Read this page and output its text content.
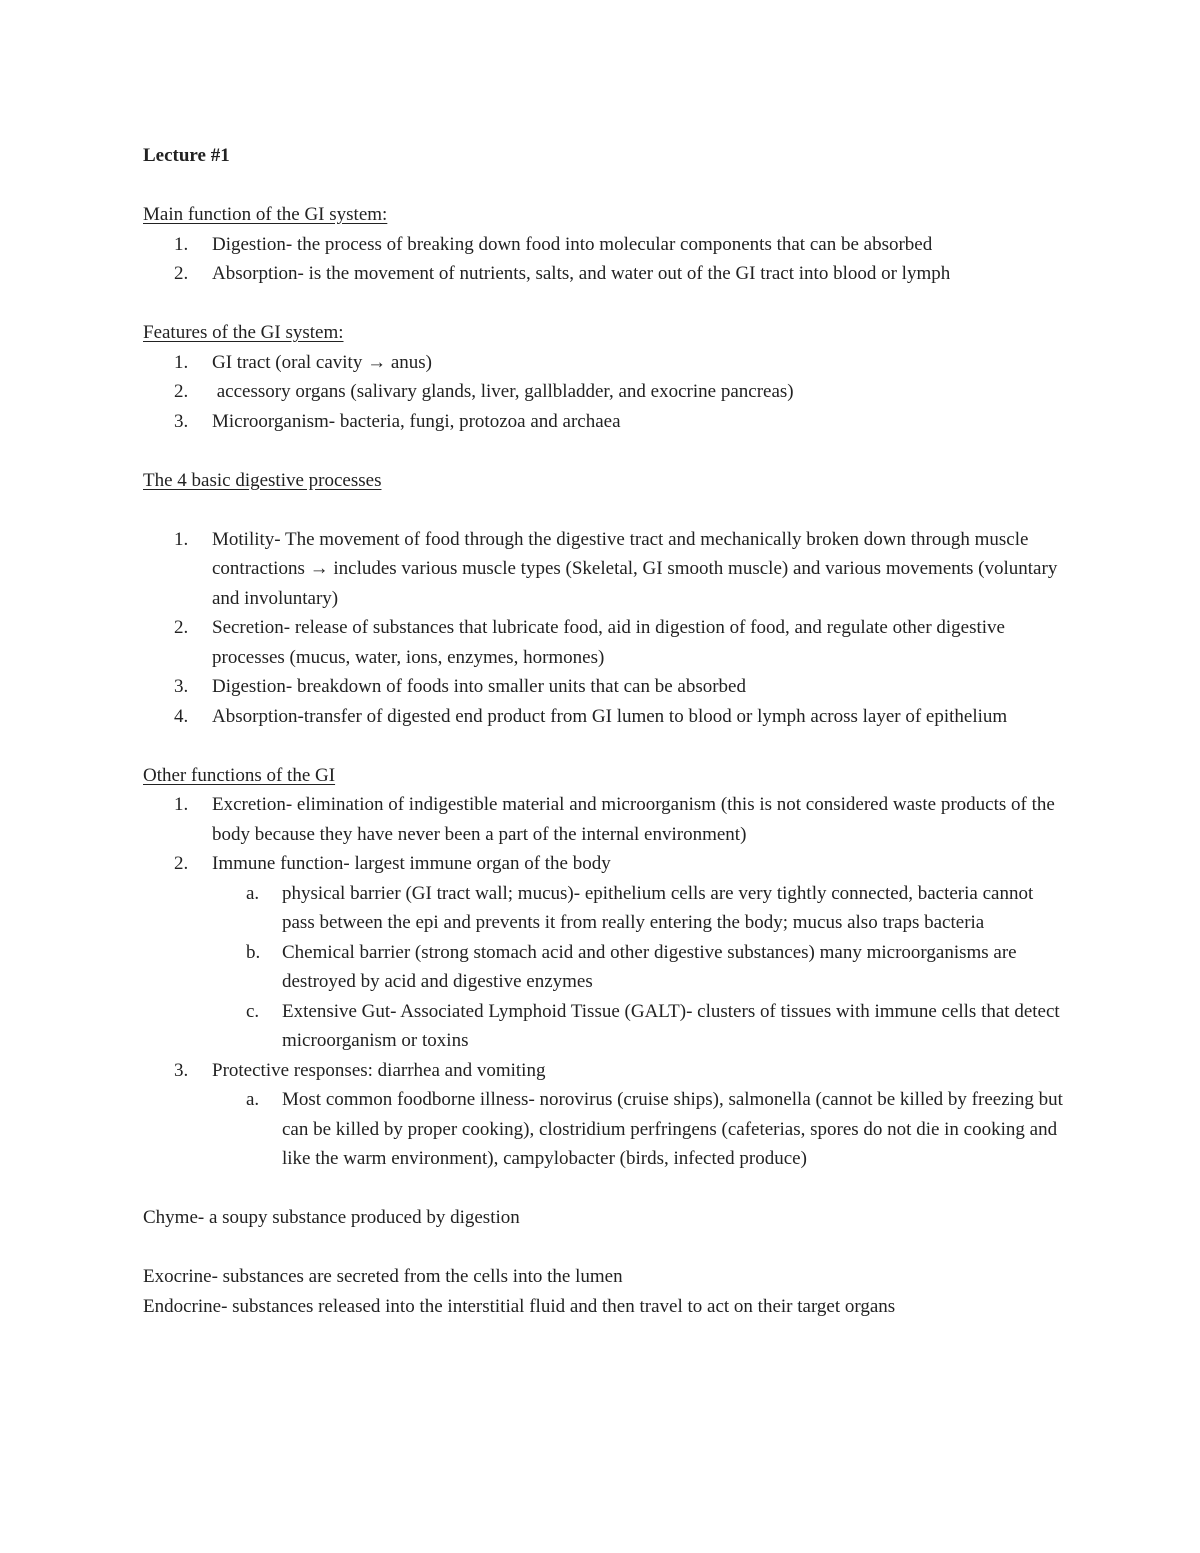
Lecture #1

Main function of the GI system:

1. Digestion- the process of breaking down food into molecular components that can be absorbed
2. Absorption- is the movement of nutrients, salts, and water out of the GI tract into blood or lymph

Features of the GI system:

1. GI tract (oral cavity → anus)
2. accessory organs (salivary glands, liver, gallbladder, and exocrine pancreas)
3. Microorganism- bacteria, fungi, protozoa and archaea

The 4 basic digestive processes

1. Motility- The movement of food through the digestive tract and mechanically broken down through muscle contractions → includes various muscle types (Skeletal, GI smooth muscle) and various movements (voluntary and involuntary)
2. Secretion- release of substances that lubricate food, aid in digestion of food, and regulate other digestive processes (mucus, water, ions, enzymes, hormones)
3. Digestion- breakdown of foods into smaller units that can be absorbed
4. Absorption-transfer of digested end product from GI lumen to blood or lymph across layer of epithelium

Other functions of the GI

1. Excretion- elimination of indigestible material and microorganism (this is not considered waste products of the body because they have never been a part of the internal environment)
2. Immune function- largest immune organ of the body
a. physical barrier (GI tract wall; mucus)- epithelium cells are very tightly connected, bacteria cannot pass between the epi and prevents it from really entering the body; mucus also traps bacteria
b. Chemical barrier (strong stomach acid and other digestive substances) many microorganisms are destroyed by acid and digestive enzymes
c. Extensive Gut- Associated Lymphoid Tissue (GALT)- clusters of tissues with immune cells that detect microorganism or toxins
3. Protective responses: diarrhea and vomiting
a. Most common foodborne illness- norovirus (cruise ships), salmonella (cannot be killed by freezing but can be killed by proper cooking), clostridium perfringens (cafeterias, spores do not die in cooking and like the warm environment), campylobacter (birds, infected produce)

Chyme- a soupy substance produced by digestion

Exocrine- substances are secreted from the cells into the lumen

Endocrine- substances released into the interstitial fluid and then travel to act on their target organs
